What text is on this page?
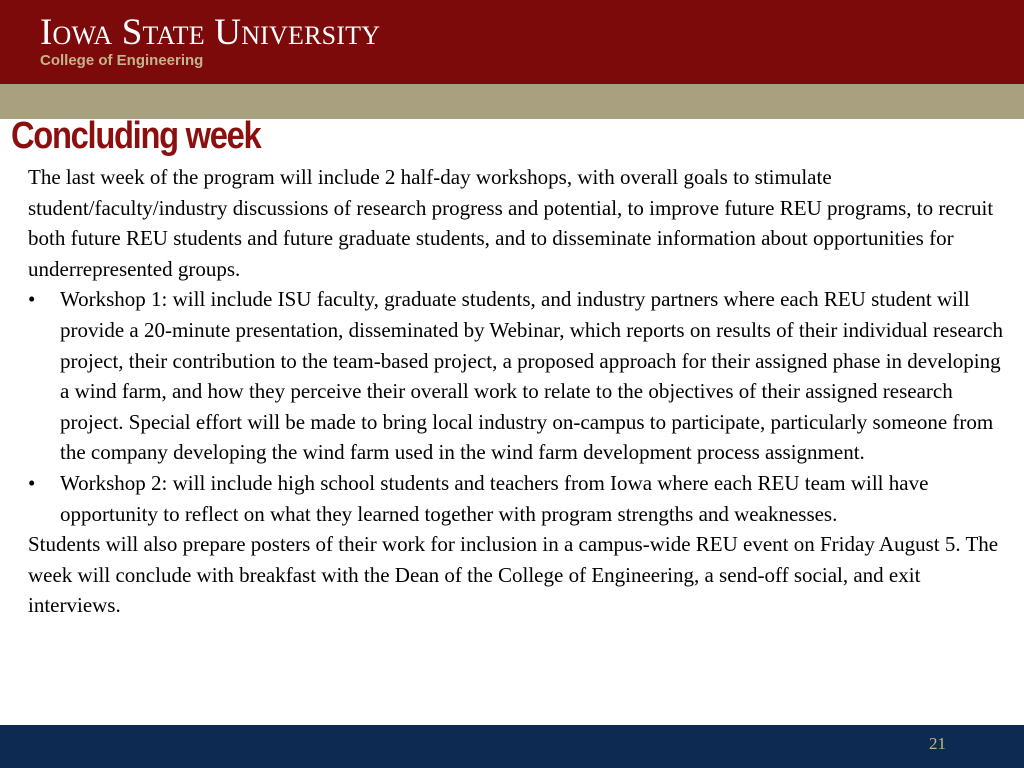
Iowa State University
College of Engineering
Concluding week

The last week of the program will include 2 half-day workshops, with overall goals to stimulate student/faculty/industry discussions of research progress and potential, to improve future REU programs, to recruit both future REU students and future graduate students, and to disseminate information about opportunities for underrepresented groups.

• Workshop 1: will include ISU faculty, graduate students, and industry partners where each REU student will provide a 20-minute presentation, disseminated by Webinar, which reports on results of their individual research project, their contribution to the team-based project, a proposed approach for their assigned phase in developing a wind farm, and how they perceive their overall work to relate to the objectives of their assigned research project. Special effort will be made to bring local industry on-campus to participate, particularly someone from the company developing the wind farm used in the wind farm development process assignment.
• Workshop 2: will include high school students and teachers from Iowa where each REU team will have opportunity to reflect on what they learned together with program strengths and weaknesses.

Students will also prepare posters of their work for inclusion in a campus-wide REU event on Friday August 5. The week will conclude with breakfast with the Dean of the College of Engineering, a send-off social, and exit interviews.

21
